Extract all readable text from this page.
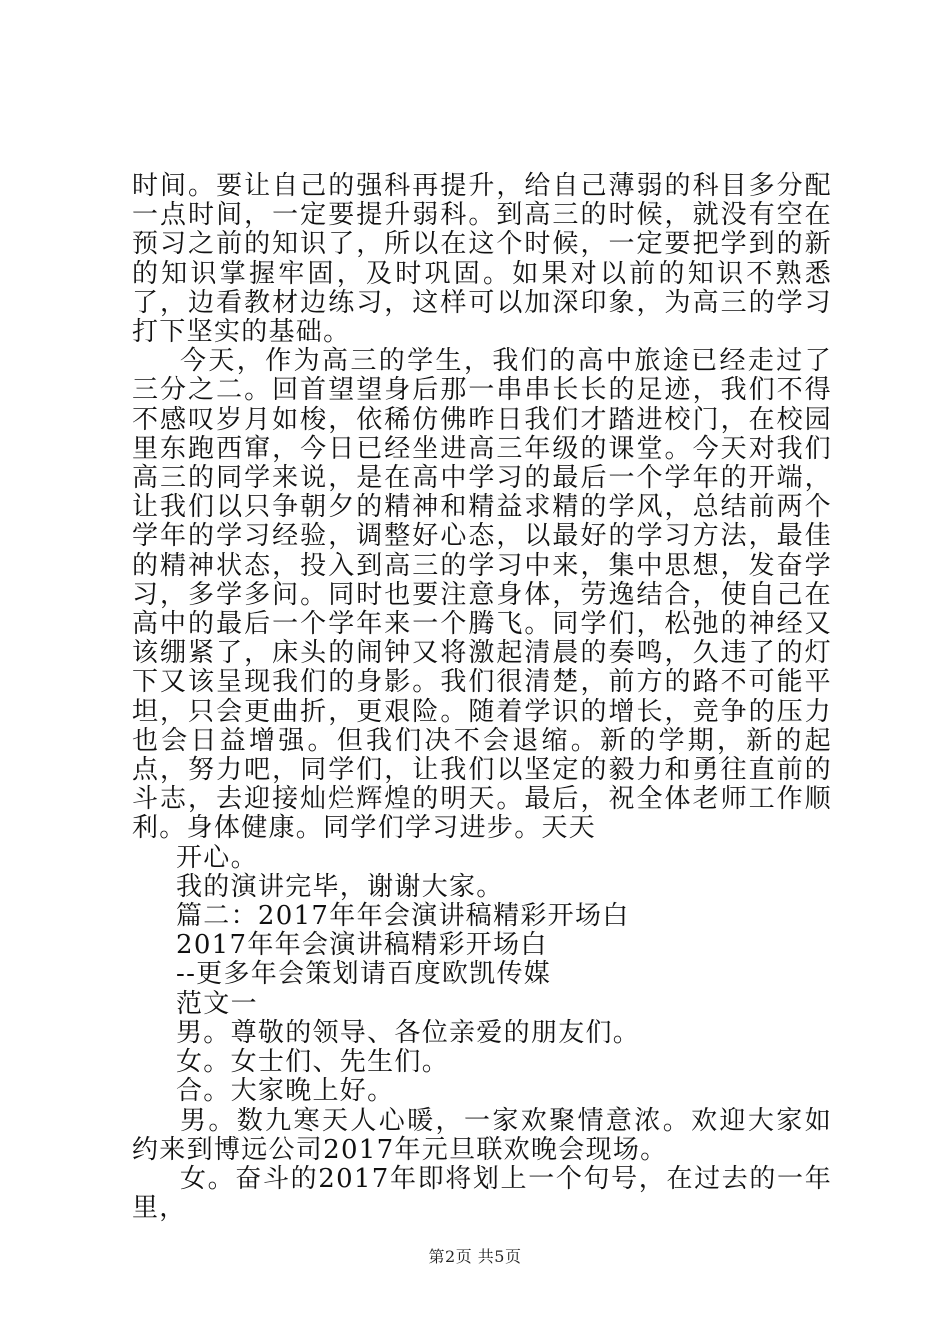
时间。要让自己的强科再提升，给自己薄弱的科目多分配一点时间，一定要提升弱科。到高三的时候，就没有空在预习之前的知识了，所以在这个时候，一定要把学到的新的知识掌握牢固，及时巩固。如果对以前的知识不熟悉了，边看教材边练习，这样可以加深印象，为高三的学习打下坚实的基础。

今天，作为高三的学生，我们的高中旅途已经走过了三分之二。回首望望身后那一串串长长的足迹，我们不得不感叹岁月如梭，依稀仿佛昨日我们才踏进校门，在校园里东跑西窜，今日已经坐进高三年级的课堂。今天对我们高三的同学来说，是在高中学习的最后一个学年的开端，让我们以只争朝夕的精神和精益求精的学风，总结前两个学年的学习经验，调整好心态，以最好的学习方法，最佳的精神状态，投入到高三的学习中来，集中思想，发奋学习，多学多问。同时也要注意身体，劳逸结合，使自己在高中的最后一个学年来一个腾飞。同学们，松弛的神经又该绷紧了，床头的闹钟又将激起清晨的奏鸣，久违了的灯下又该呈现我们的身影。我们很清楚，前方的路不可能平坦，只会更曲折，更艰险。随着学识的增长，竞争的压力也会日益增强。但我们决不会退缩。新的学期，新的起点，努力吧，同学们，让我们以坚定的毅力和勇往直前的斗志，去迎接灿烂辉煌的明天。最后，祝全体老师工作顺利。身体健康。同学们学习进步。天天

开心。

我的演讲完毕，谢谢大家。

篇二：2017年年会演讲稿精彩开场白

2017年年会演讲稿精彩开场白

--更多年会策划请百度欧凯传媒

范文一

男。尊敬的领导、各位亲爱的朋友们。

女。女士们、先生们。

合。大家晚上好。

男。数九寒天人心暖，一家欢聚情意浓。欢迎大家如约来到博远公司2017年元旦联欢晚会现场。

女。奋斗的2017年即将划上一个句号，在过去的一年里，

第2页 共5页
